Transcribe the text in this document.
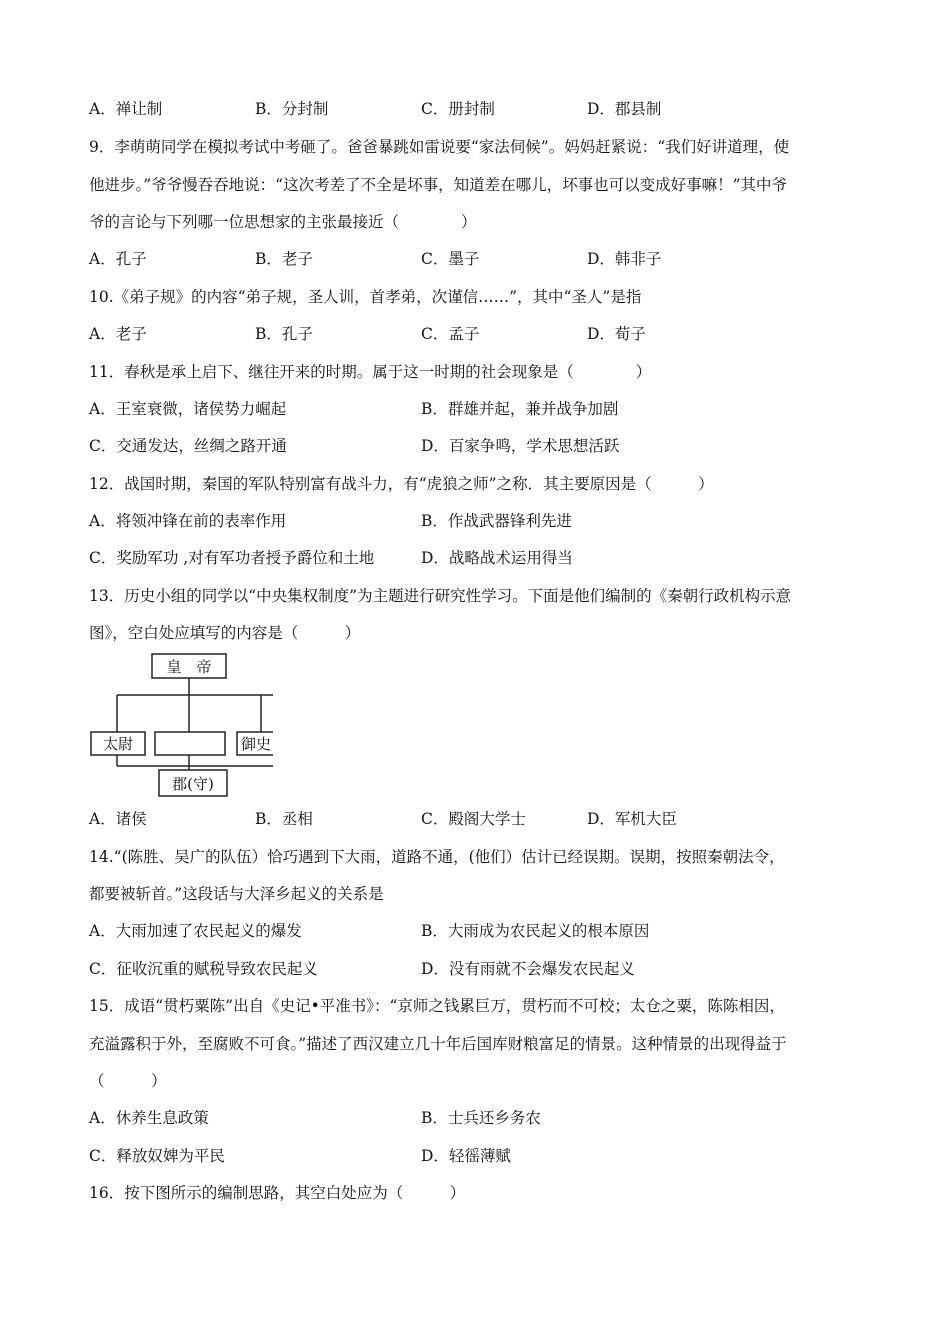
A．禅让制	B．分封制	C．册封制	D．郡县制
9．李萌萌同学在模拟考试中考砸了。爸爸暴跳如雷说要“家法伺候”。妈妈赶紧说：“我们好讲道理，使
他进步。”爷爷慢吞吞地说：“这次考差了不全是坏事，知道差在哪儿，坏事也可以变成好事嘛！”其中爷
爷的言论与下列哪一位思想家的主张最接近（　　　　）
A．孔子	B．老子	C．墨子	D．韩非子
10.《弟子规》的内容“弟子规，圣人训，首孝弟，次谨信……”，其中“圣人”是指
A．老子	B．孔子	C．孟子	D．荀子
11．春秋是承上启下、继往开来的时期。属于这一时期的社会现象是（　　　　）
A．王室衰微，诸侯势力崛起	B．群雄并起，兼并战争加剧
C．交通发达，丝绸之路开通	D．百家争鸣，学术思想活跃
12．战国时期，秦国的军队特别富有战斗力，有“虎狼之师”之称．其主要原因是（　　　）
A．将领冲锋在前的表率作用	B．作战武器锋利先进
C．奖励军功 ,对有军功者授予爵位和土地	D．战略战术运用得当
13．历史小组的同学以“中央集权制度”为主题进行研究性学习。下面是他们编制的《秦朝行政机构示意
图》，空白处应填写的内容是（　　　）
皇　帝
太尉	御史
郡(守)
A．诸侯	B．丞相	C．殿阁大学士	D．军机大臣
14.“(陈胜、吴广的队伍）恰巧遇到下大雨，道路不通，(他们）估计已经误期。误期，按照秦朝法令，
都要被斩首。”这段话与大泽乡起义的关系是
A．大雨加速了农民起义的爆发	B．大雨成为农民起义的根本原因
C．征收沉重的赋税导致农民起义	D．没有雨就不会爆发农民起义
15．成语“贯朽粟陈”出自《史记•平准书》：“京师之钱累巨万，贯朽而不可校；太仓之粟，陈陈相因，
充溢露积于外，至腐败不可食。”描述了西汉建立几十年后国库财粮富足的情景。这种情景的出现得益于
（　　　）
A．休养生息政策	B．士兵还乡务农
C．释放奴婢为平民	D．轻徭薄赋
16．按下图所示的编制思路，其空白处应为（　　　）
